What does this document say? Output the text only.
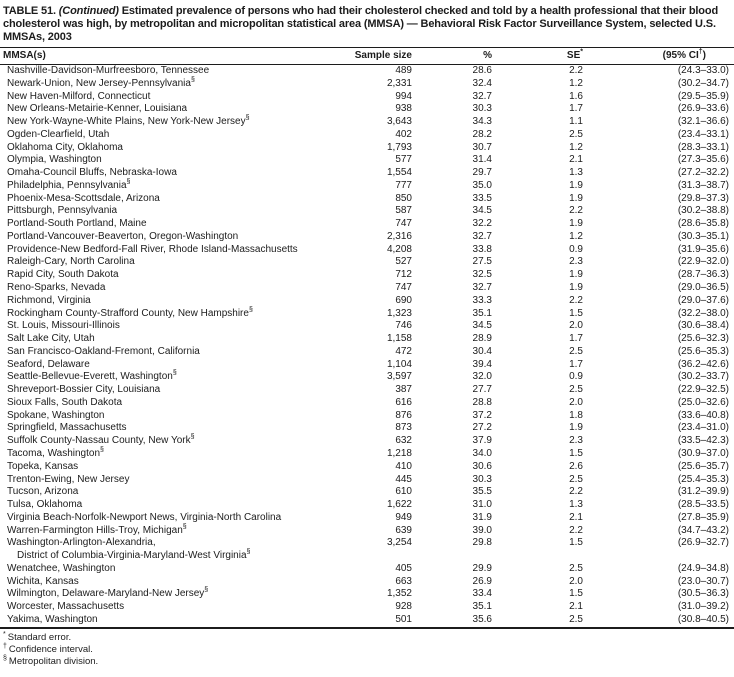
TABLE 51. (Continued) Estimated prevalence of persons who had their cholesterol checked and told by a health professional that their blood cholesterol was high, by metropolitan and micropolitan statistical area (MMSA) — Behavioral Risk Factor Surveillance System, selected U.S. MMSAs, 2003

MMSA(s)	Sample size	%	SE*	(95% CI†)
Nashville-Davidson-Murfreesboro, Tennessee	489	28.6	2.2	(24.3–33.0)
Newark-Union, New Jersey-Pennsylvania§	2,331	32.4	1.2	(30.2–34.7)
New Haven-Milford, Connecticut	994	32.7	1.6	(29.5–35.9)
New Orleans-Metairie-Kenner, Louisiana	938	30.3	1.7	(26.9–33.6)
New York-Wayne-White Plains, New York-New Jersey§	3,643	34.3	1.1	(32.1–36.6)
Ogden-Clearfield, Utah	402	28.2	2.5	(23.4–33.1)
Oklahoma City, Oklahoma	1,793	30.7	1.2	(28.3–33.1)
Olympia, Washington	577	31.4	2.1	(27.3–35.6)
Omaha-Council Bluffs, Nebraska-Iowa	1,554	29.7	1.3	(27.2–32.2)
Philadelphia, Pennsylvania§	777	35.0	1.9	(31.3–38.7)
Phoenix-Mesa-Scottsdale, Arizona	850	33.5	1.9	(29.8–37.3)
Pittsburgh, Pennsylvania	587	34.5	2.2	(30.2–38.8)
Portland-South Portland, Maine	747	32.2	1.9	(28.6–35.8)
Portland-Vancouver-Beaverton, Oregon-Washington	2,316	32.7	1.2	(30.3–35.1)
Providence-New Bedford-Fall River, Rhode Island-Massachusetts	4,208	33.8	0.9	(31.9–35.6)
Raleigh-Cary, North Carolina	527	27.5	2.3	(22.9–32.0)
Rapid City, South Dakota	712	32.5	1.9	(28.7–36.3)
Reno-Sparks, Nevada	747	32.7	1.9	(29.0–36.5)
Richmond, Virginia	690	33.3	2.2	(29.0–37.6)
Rockingham County-Strafford County, New Hampshire§	1,323	35.1	1.5	(32.2–38.0)
St. Louis, Missouri-Illinois	746	34.5	2.0	(30.6–38.4)
Salt Lake City, Utah	1,158	28.9	1.7	(25.6–32.3)
San Francisco-Oakland-Fremont, California	472	30.4	2.5	(25.6–35.3)
Seaford, Delaware	1,104	39.4	1.7	(36.2–42.6)
Seattle-Bellevue-Everett, Washington§	3,597	32.0	0.9	(30.2–33.7)
Shreveport-Bossier City, Louisiana	387	27.7	2.5	(22.9–32.5)
Sioux Falls, South Dakota	616	28.8	2.0	(25.0–32.6)
Spokane, Washington	876	37.2	1.8	(33.6–40.8)
Springfield, Massachusetts	873	27.2	1.9	(23.4–31.0)
Suffolk County-Nassau County, New York§	632	37.9	2.3	(33.5–42.3)
Tacoma, Washington§	1,218	34.0	1.5	(30.9–37.0)
Topeka, Kansas	410	30.6	2.6	(25.6–35.7)
Trenton-Ewing, New Jersey	445	30.3	2.5	(25.4–35.3)
Tucson, Arizona	610	35.5	2.2	(31.2–39.9)
Tulsa, Oklahoma	1,622	31.0	1.3	(28.5–33.5)
Virginia Beach-Norfolk-Newport News, Virginia-North Carolina	949	31.9	2.1	(27.8–35.9)
Warren-Farmington Hills-Troy, Michigan§	639	39.0	2.2	(34.7–43.2)

Washington-Arlington-Alexandria,
District of Columbia-Virginia-Maryland-West Virginia§	3,254	29.8	1.5	(26.9–32.7)
Wenatchee, Washington	405	29.9	2.5	(24.9–34.8)
Wichita, Kansas	663	26.9	2.0	(23.0–30.7)
Wilmington, Delaware-Maryland-New Jersey§	1,352	33.4	1.5	(30.5–36.3)
Worcester, Massachusetts	928	35.1	2.1	(31.0–39.2)
Yakima, Washington	501	35.6	2.5	(30.8–40.5)
* Standard error.
† Confidence interval.
§ Metropolitan division.
